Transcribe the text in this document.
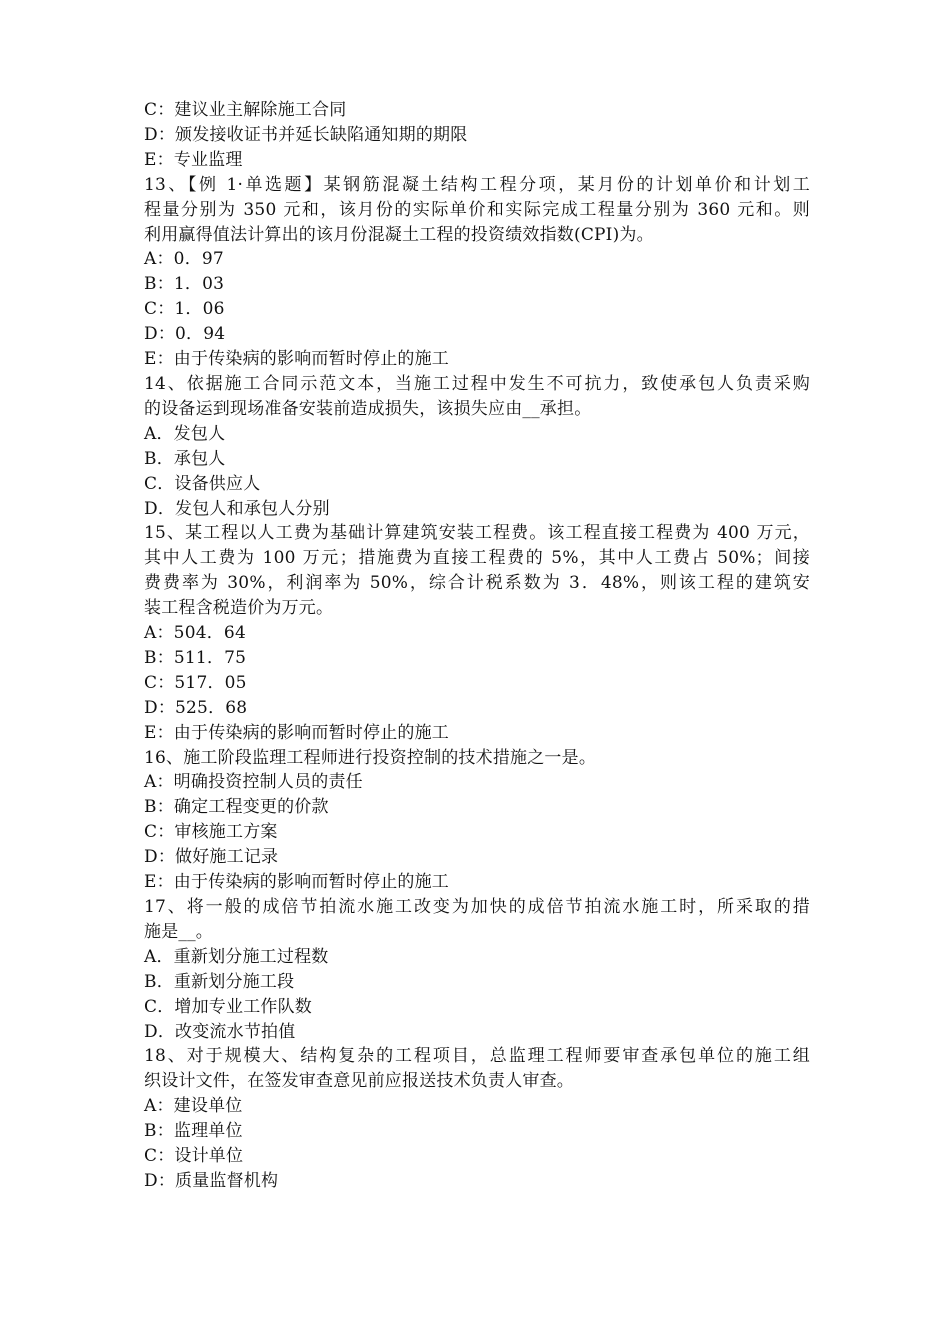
C：建议业主解除施工合同
D：颁发接收证书并延长缺陷通知期的期限
E：专业监理
13、【例 1·单选题】某钢筋混凝土结构工程分项，某月份的计划单价和计划工
程量分别为 350 元和，该月份的实际单价和实际完成工程量分别为 360 元和。则
利用赢得值法计算出的该月份混凝土工程的投资绩效指数(CPI)为。
A：0．97
B：1．03
C：1．06
D：0．94
E：由于传染病的影响而暂时停止的施工
14、依据施工合同示范文本，当施工过程中发生不可抗力，致使承包人负责采购
的设备运到现场准备安装前造成损失，该损失应由__承担。
A．发包人
B．承包人
C．设备供应人
D．发包人和承包人分别
15、某工程以人工费为基础计算建筑安装工程费。该工程直接工程费为 400 万元，
其中人工费为 100 万元；措施费为直接工程费的 5%，其中人工费占 50%；间接
费费率为 30%，利润率为 50%，综合计税系数为 3．48%，则该工程的建筑安
装工程含税造价为万元。
A：504．64
B：511．75
C：517．05
D：525．68
E：由于传染病的影响而暂时停止的施工
16、施工阶段监理工程师进行投资控制的技术措施之一是。
A：明确投资控制人员的责任
B：确定工程变更的价款
C：审核施工方案
D：做好施工记录
E：由于传染病的影响而暂时停止的施工
17、将一般的成倍节拍流水施工改变为加快的成倍节拍流水施工时，所采取的措
施是__。
A．重新划分施工过程数
B．重新划分施工段
C．增加专业工作队数
D．改变流水节拍值
18、对于规模大、结构复杂的工程项目，总监理工程师要审查承包单位的施工组
织设计文件，在签发审查意见前应报送技术负责人审查。
A：建设单位
B：监理单位
C：设计单位
D：质量监督机构
